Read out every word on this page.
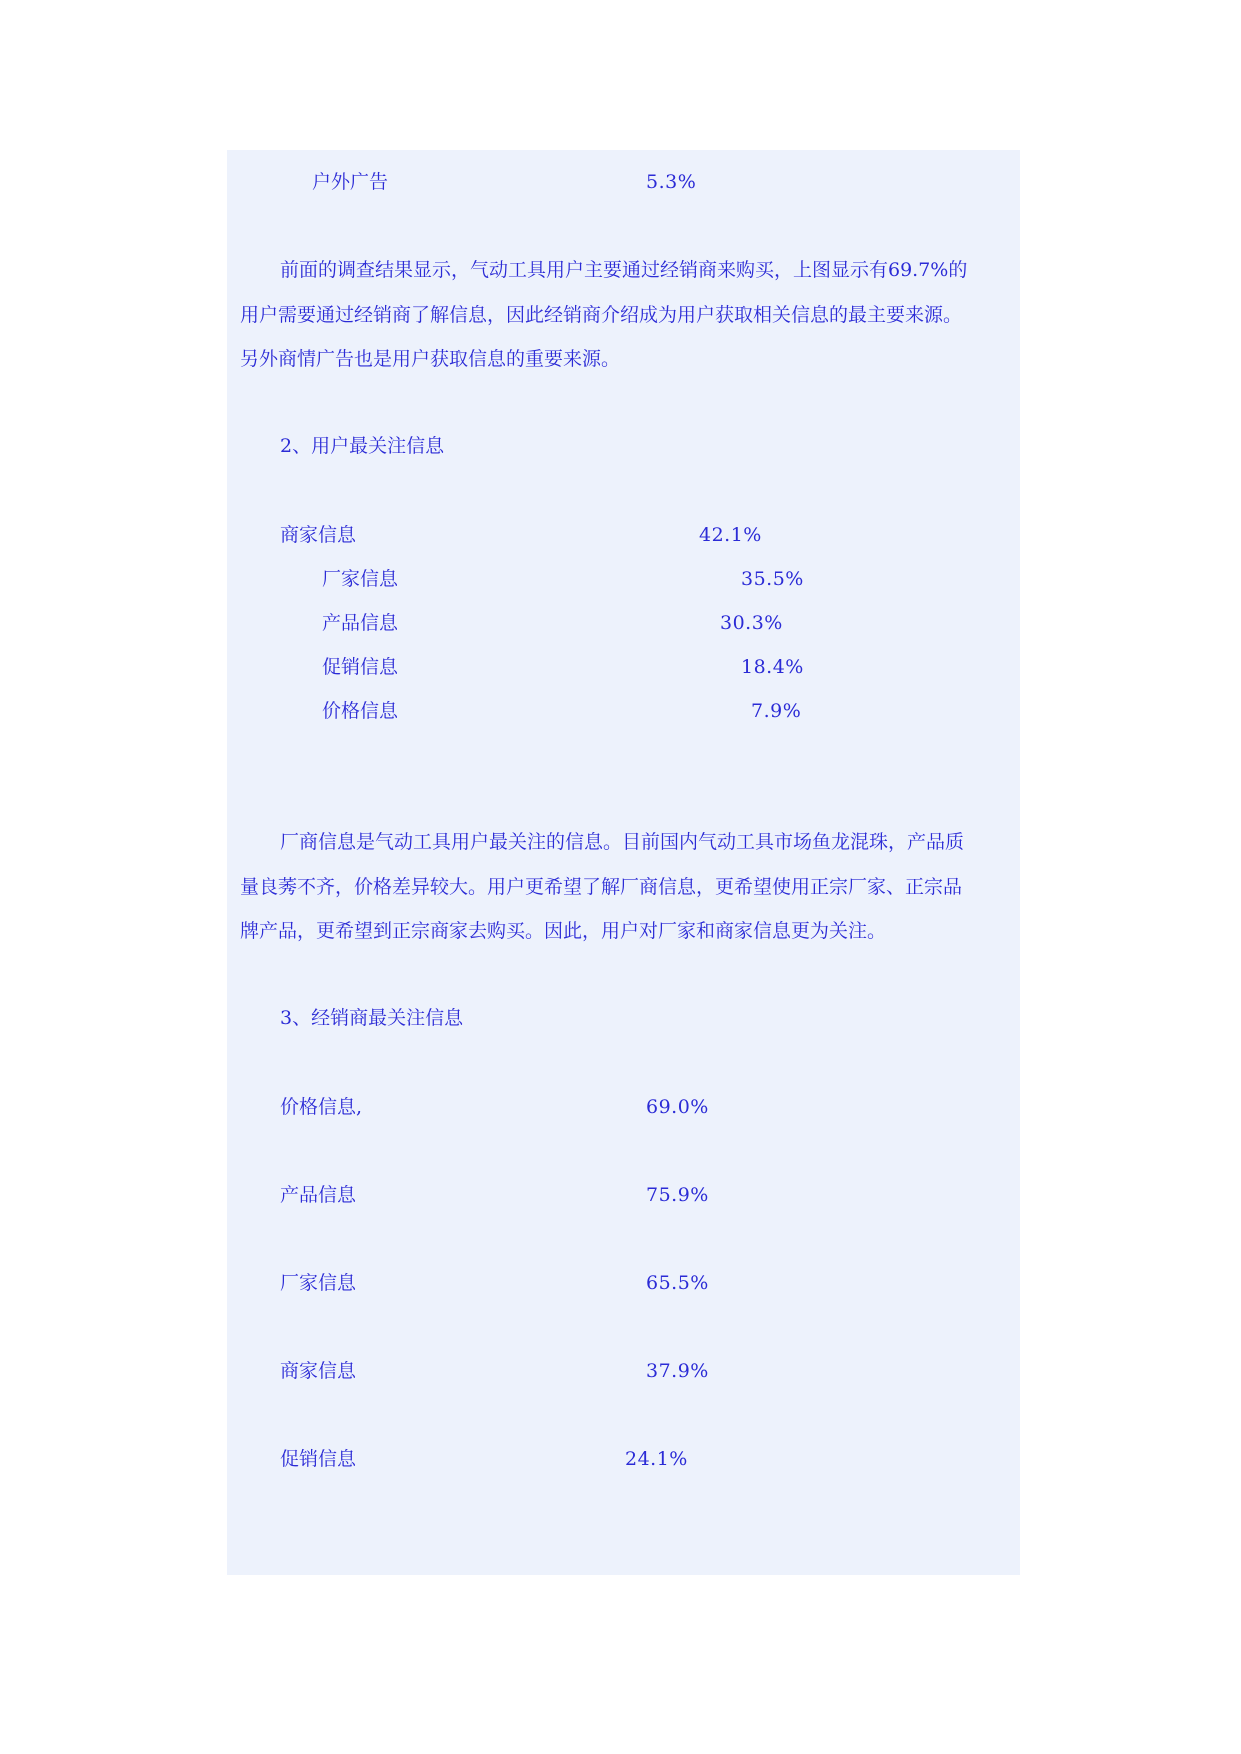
户外广告	5.3%
前面的调查结果显示，气动工具用户主要通过经销商来购买，上图显示有69.7%的
用户需要通过经销商了解信息，因此经销商介绍成为用户获取相关信息的最主要来源。
另外商情广告也是用户获取信息的重要来源。
2、用户最关注信息
商家信息	42.1%
厂家信息	35.5%
产品信息	30.3%
促销信息	18.4%
价格信息	7.9%
厂商信息是气动工具用户最关注的信息。目前国内气动工具市场鱼龙混珠，产品质
量良莠不齐，价格差异较大。用户更希望了解厂商信息，更希望使用正宗厂家、正宗品
牌产品，更希望到正宗商家去购买。因此，用户对厂家和商家信息更为关注。
3、经销商最关注信息
价格信息,	69.0%
产品信息	75.9%
厂家信息	65.5%
商家信息	37.9%
促销信息	24.1%
